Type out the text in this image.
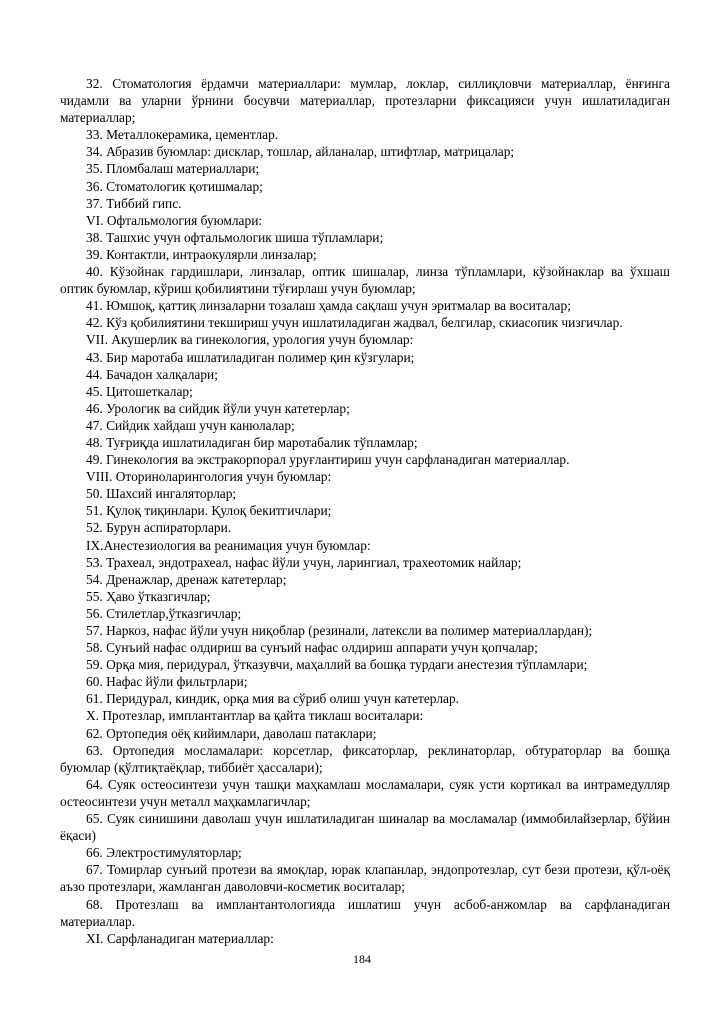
32. Стоматология ёрдамчи материаллари: мумлар, локлар, силлиқловчи материаллар, ёнғинга чидамли ва уларни ўрнини босувчи материаллар, протезларни фиксацияси учун ишлатиладиган материаллар;

33. Металлокерамика, цементлар.

34. Абразив буюмлар: дисклар, тошлар, айланалар, штифтлар, матрицалар;

35. Пломбалаш материаллари;

36. Стоматологик қотишмалар;

37. Тиббий гипс.

VI. Офтальмология буюмлари:

38. Ташхис учун офтальмологик шиша тўпламлари;

39. Контактли, интраокулярли линзалар;

40. Кўзойнак гардишлари, линзалар, оптик шишалар, линза тўпламлари, кўзойнаклар ва ўхшаш оптик буюмлар, кўриш қобилиятини тўғирлаш учун буюмлар;

41. Юмшоқ, қаттиқ линзаларни тозалаш ҳамда сақлаш учун эритмалар ва воситалар;

42. Кўз қобилиятини текшириш учун ишлатиладиган жадвал, белгилар, скиасопик чизгичлар.

VII. Акушерлик ва гинекология, урология учун буюмлар:

43. Бир маротаба ишлатиладиган полимер қин кўзгулари;

44. Бачадон халқалари;

45. Цитошеткалар;

46. Урологик ва сийдик йўли учун катетерлар;

47. Сийдик хайдаш учун канюлалар;

48. Туғриқда ишлатиладиган бир маротабалик тўпламлар;

49. Гинекология ва экстракорпорал уруғлантириш учун сарфланадиган материаллар.

VIII. Оториноларингология учун буюмлар:

50. Шахсий ингаляторлар;

51. Қулоқ тиқинлари. Қулоқ бекитгичлари;

52. Бурун аспираторлари.

IX.Анестезиология ва реанимация учун буюмлар:

53. Трахеал, эндотрахеал, нафас йўли учун, ларингиал, трахеотомик найлар;

54. Дренажлар, дренаж катетерлар;

55. Ҳаво ўтказгичлар;

56. Стилетлар,ўтказгичлар;

57. Наркоз, нафас йўли учун ниқоблар (резинали, латексли ва полимер материаллардан);

58. Сунъий нафас олдириш ва сунъий нафас олдириш аппарати учун қопчалар;

59. Орқа мия, перидурал, ўтказувчи, маҳаллий ва бошқа турдаги анестезия тўпламлари;

60. Нафас йўли фильтрлари;

61. Перидурал, киндик, орқа мия ва сўриб олиш учун катетерлар.

X. Протезлар, имплантантлар ва қайта тиклаш воситалари:

62. Ортопедия оёқ кийимлари, даволаш патаклари;

63. Ортопедия мосламалари: корсетлар, фиксаторлар, реклинаторлар, обтураторлар ва бошқа буюмлар (қўлтиқтаёқлар, тиббиёт ҳассалари);

64. Суяк остеосинтези учун ташқи маҳкамлаш мосламалари, суяк усти кортикал ва интрамедулляр остеосинтези учун металл маҳкамлагичлар;

65. Суяк синишини даволаш учун ишлатиладиган шиналар ва мосламалар (иммобилайзерлар, бўйин ёқаси)

66. Электростимуляторлар;

67. Томирлар сунъий протези ва ямоқлар, юрак клапанлар, эндопротезлар, сут бези протези, қўл-оёқ аъзо протезлари, жамланган даволовчи-косметик воситалар;

68. Протезлаш ва имплантантологияда ишлатиш учун асбоб-анжомлар ва сарфланадиган материаллар.

XI. Сарфланадиган материаллар:

184
